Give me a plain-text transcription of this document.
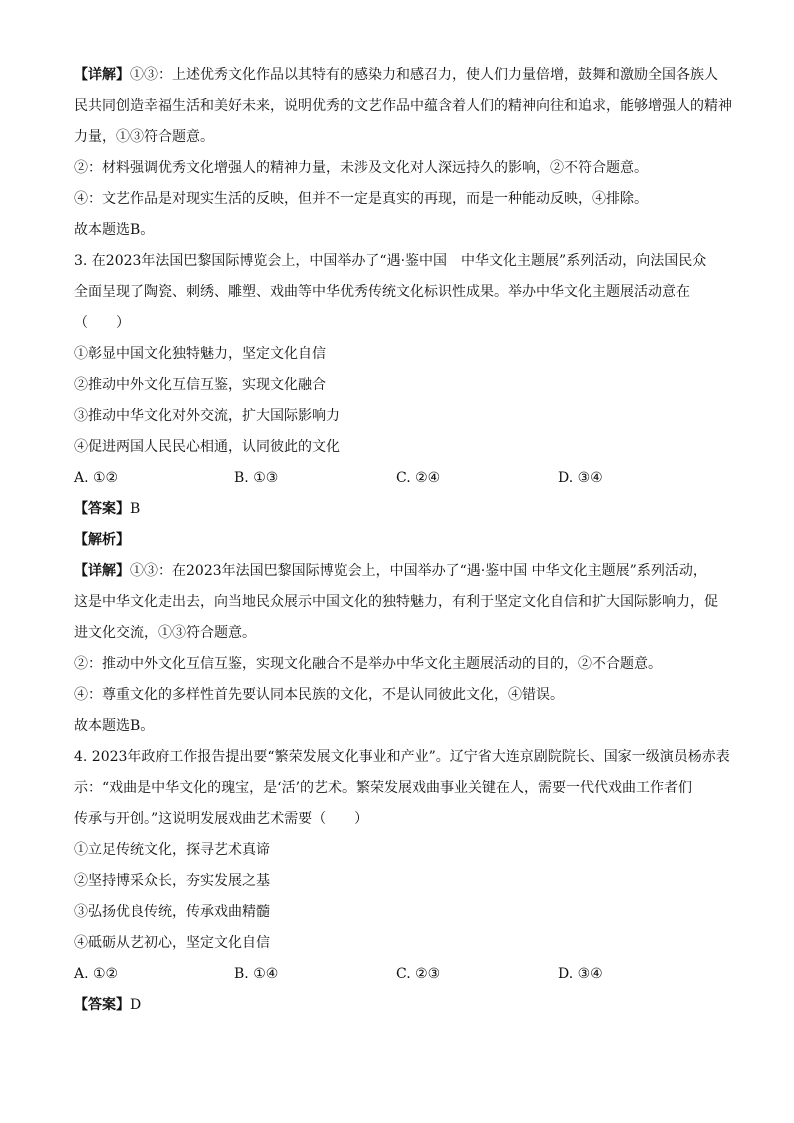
【详解】①③：上述优秀文化作品以其特有的感染力和感召力，使人们力量倍增，鼓舞和激励全国各族人

民共同创造幸福生活和美好未来，说明优秀的文艺作品中蕴含着人们的精神向往和追求，能够增强人的精神

力量，①③符合题意。

②：材料强调优秀文化增强人的精神力量，未涉及文化对人深远持久的影响，②不符合题意。

④：文艺作品是对现实生活的反映，但并不一定是真实的再现，而是一种能动反映，④排除。

故本题选B。

3. 在2023年法国巴黎国际博览会上，中国举办了“遇·鉴中国　中华文化主题展”系列活动，向法国民众

全面呈现了陶瓷、刺绣、雕塑、戏曲等中华优秀传统文化标识性成果。举办中华文化主题展活动意在

（　　）

①彰显中国文化独特魅力，坚定文化自信

②推动中外文化互信互鉴，实现文化融合

③推动中华文化对外交流，扩大国际影响力

④促进两国人民民心相通，认同彼此的文化

A. ①②	B. ①③	C. ②④	D. ③④

【答案】B

【解析】

【详解】①③：在2023年法国巴黎国际博览会上，中国举办了“遇·鉴中国 中华文化主题展”系列活动，

这是中华文化走出去，向当地民众展示中国文化的独特魅力，有利于坚定文化自信和扩大国际影响力，促

进文化交流，①③符合题意。

②：推动中外文化互信互鉴，实现文化融合不是举办中华文化主题展活动的目的，②不合题意。

④：尊重文化的多样性首先要认同本民族的文化，不是认同彼此文化，④错误。

故本题选B。

4. 2023年政府工作报告提出要“繁荣发展文化事业和产业”。辽宁省大连京剧院院长、国家一级演员杨赤表

示：“戏曲是中华文化的瑰宝，是‘活’的艺术。繁荣发展戏曲事业关键在人，需要一代代戏曲工作者们

传承与开创。”这说明发展戏曲艺术需要（　　）

①立足传统文化，探寻艺术真谛

②坚持博采众长，夯实发展之基

③弘扬优良传统，传承戏曲精髓

④砥砺从艺初心，坚定文化自信

A. ①②	B. ①④	C. ②③	D. ③④

【答案】D
